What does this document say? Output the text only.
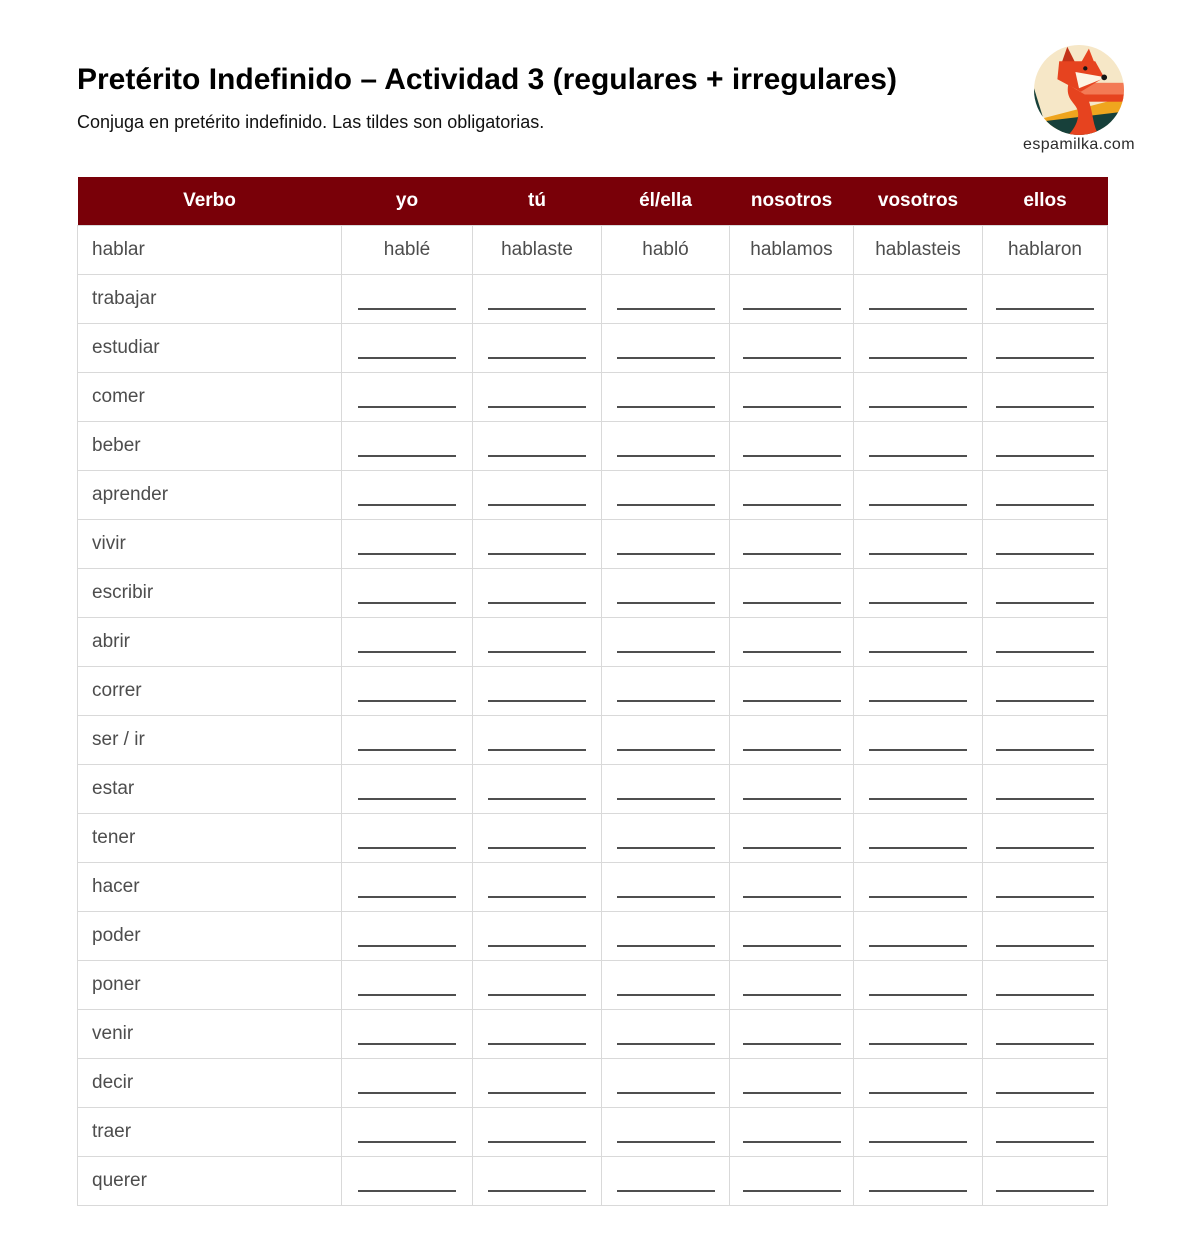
Pretérito Indefinido – Actividad 3 (regulares + irregulares)
Conjuga en pretérito indefinido. Las tildes son obligatorias.
espamilka.com
Verbo	yo	tú	él/ella	nosotros	vosotros	ellos
hablar	hablé	hablaste	habló	hablamos	hablasteis	hablaron
trabajar	

estudiar	

comer	

beber	

aprender	

vivir	

escribir	

abrir	

correr	

ser / ir	

estar	

tener	

hacer	

poder	

poner	

venir	

decir	

traer	

querer	
